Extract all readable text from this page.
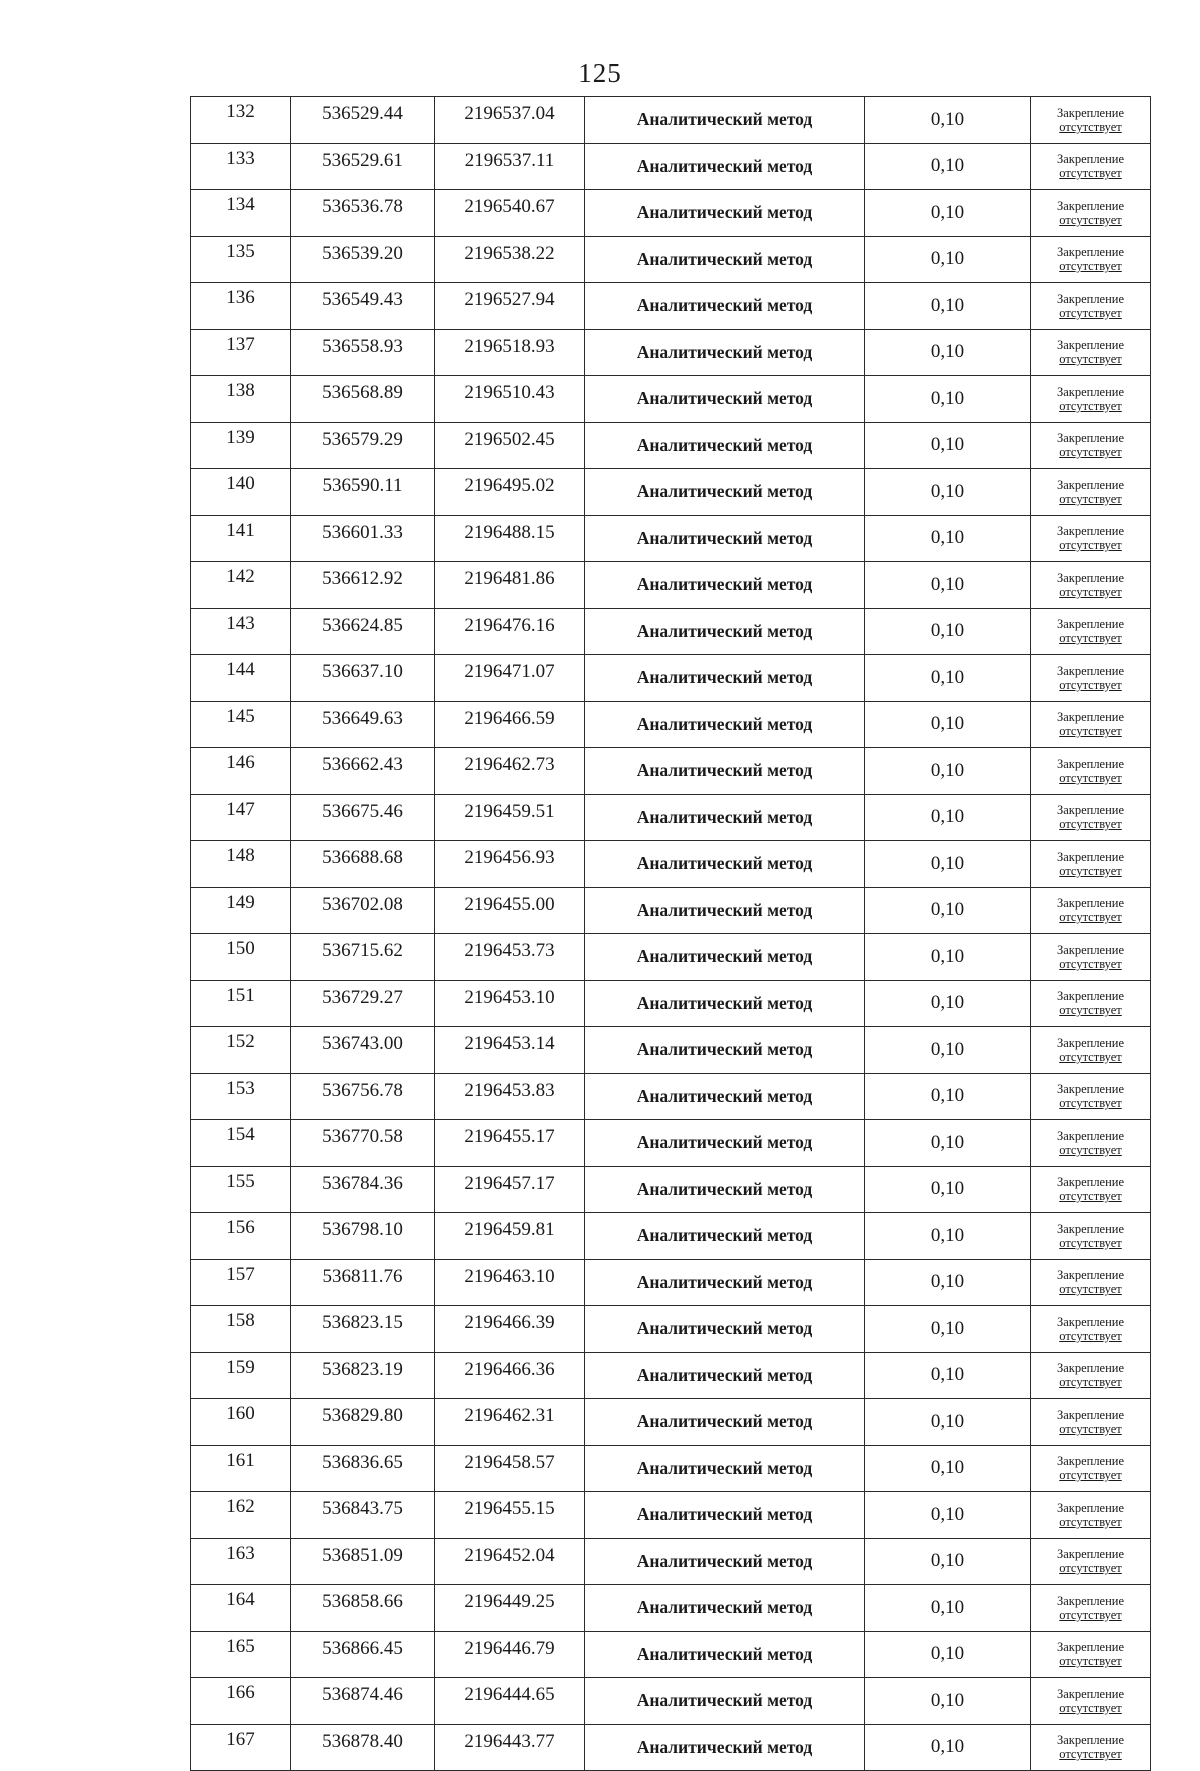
125
132	536529.44	2196537.04	Аналитический метод	0,10	Закрепление
отсутствует

133	536529.61	2196537.11	Аналитический метод	0,10	Закрепление
отсутствует

134	536536.78	2196540.67	Аналитический метод	0,10	Закрепление
отсутствует

135	536539.20	2196538.22	Аналитический метод	0,10	Закрепление
отсутствует

136	536549.43	2196527.94	Аналитический метод	0,10	Закрепление
отсутствует

137	536558.93	2196518.93	Аналитический метод	0,10	Закрепление
отсутствует

138	536568.89	2196510.43	Аналитический метод	0,10	Закрепление
отсутствует

139	536579.29	2196502.45	Аналитический метод	0,10	Закрепление
отсутствует

140	536590.11	2196495.02	Аналитический метод	0,10	Закрепление
отсутствует

141	536601.33	2196488.15	Аналитический метод	0,10	Закрепление
отсутствует

142	536612.92	2196481.86	Аналитический метод	0,10	Закрепление
отсутствует

143	536624.85	2196476.16	Аналитический метод	0,10	Закрепление
отсутствует

144	536637.10	2196471.07	Аналитический метод	0,10	Закрепление
отсутствует

145	536649.63	2196466.59	Аналитический метод	0,10	Закрепление
отсутствует

146	536662.43	2196462.73	Аналитический метод	0,10	Закрепление
отсутствует

147	536675.46	2196459.51	Аналитический метод	0,10	Закрепление
отсутствует

148	536688.68	2196456.93	Аналитический метод	0,10	Закрепление
отсутствует

149	536702.08	2196455.00	Аналитический метод	0,10	Закрепление
отсутствует

150	536715.62	2196453.73	Аналитический метод	0,10	Закрепление
отсутствует

151	536729.27	2196453.10	Аналитический метод	0,10	Закрепление
отсутствует

152	536743.00	2196453.14	Аналитический метод	0,10	Закрепление
отсутствует

153	536756.78	2196453.83	Аналитический метод	0,10	Закрепление
отсутствует

154	536770.58	2196455.17	Аналитический метод	0,10	Закрепление
отсутствует

155	536784.36	2196457.17	Аналитический метод	0,10	Закрепление
отсутствует

156	536798.10	2196459.81	Аналитический метод	0,10	Закрепление
отсутствует

157	536811.76	2196463.10	Аналитический метод	0,10	Закрепление
отсутствует

158	536823.15	2196466.39	Аналитический метод	0,10	Закрепление
отсутствует

159	536823.19	2196466.36	Аналитический метод	0,10	Закрепление
отсутствует

160	536829.80	2196462.31	Аналитический метод	0,10	Закрепление
отсутствует

161	536836.65	2196458.57	Аналитический метод	0,10	Закрепление
отсутствует

162	536843.75	2196455.15	Аналитический метод	0,10	Закрепление
отсутствует

163	536851.09	2196452.04	Аналитический метод	0,10	Закрепление
отсутствует

164	536858.66	2196449.25	Аналитический метод	0,10	Закрепление
отсутствует

165	536866.45	2196446.79	Аналитический метод	0,10	Закрепление
отсутствует

166	536874.46	2196444.65	Аналитический метод	0,10	Закрепление
отсутствует

167	536878.40	2196443.77	Аналитический метод	0,10	Закрепление
отсутствует
